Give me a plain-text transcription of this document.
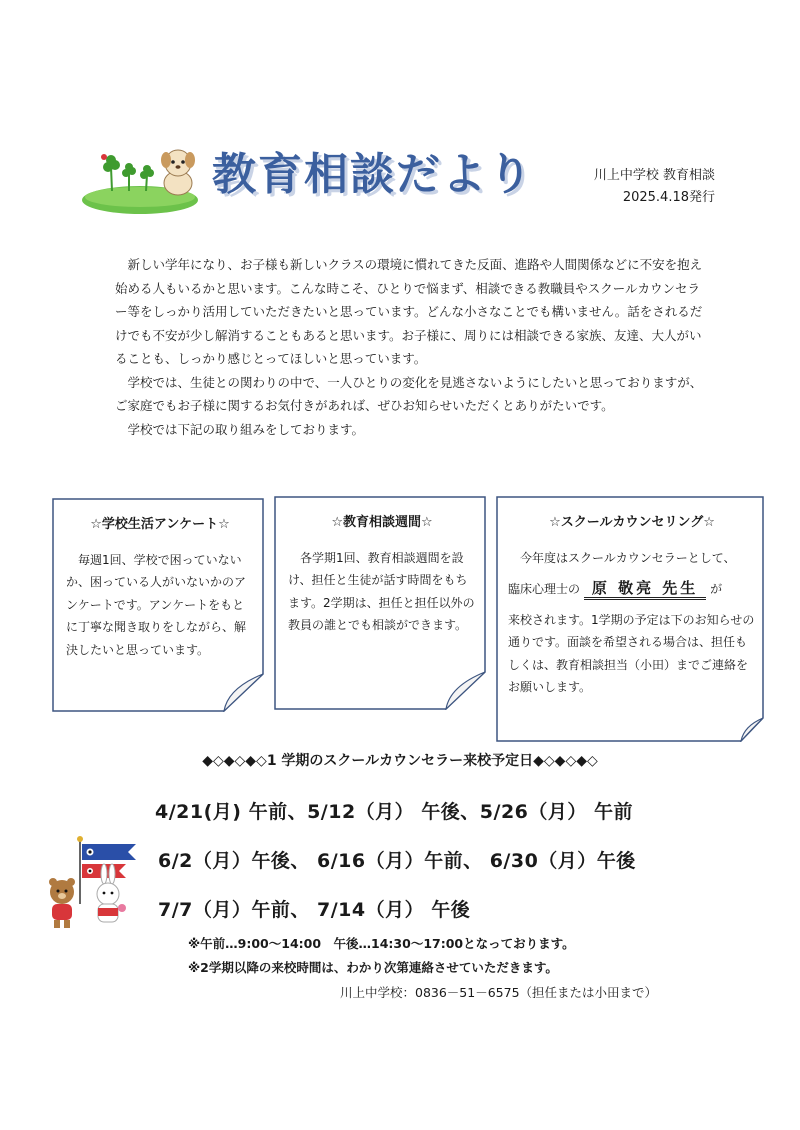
教育相談だより	川上中学校 教育相談
2025.4.18発行

新しい学年になり、お子様も新しいクラスの環境に慣れてきた反面、進路や人間関係などに不安を抱え始める人もいるかと思います。こんな時こそ、ひとりで悩まず、相談できる教職員やスクールカウンセラー等をしっかり活用していただきたいと思っています。どんな小さなことでも構いません。話をされるだけでも不安が少し解消することもあると思います。お子様に、周りには相談できる家族、友達、大人がいることも、しっかり感じとってほしいと思っています。

学校では、生徒との関わりの中で、一人ひとりの変化を見逃さないようにしたいと思っておりますが、ご家庭でもお子様に関するお気付きがあれば、ぜひお知らせいただくとありがたいです。

学校では下記の取り組みをしております。

☆学校生活アンケート☆

毎週1回、学校で困っていないか、困っている人がいないかのアンケートです。アンケートをもとに丁寧な聞き取りをしながら、解決したいと思っています。

☆教育相談週間☆

各学期1回、教育相談週間を設け、担任と生徒が話す時間をもちます。2学期は、担任と担任以外の教員の誰とでも相談ができます。

☆スクールカウンセリング☆

今年度はスクールカウンセラーとして、

臨床心理士の 原 敬亮 先生 が

来校されます。1学期の予定は下のお知らせの通りです。面談を希望される場合は、担任もしくは、教育相談担当（小田）までご連絡をお願いします。

◆◇◆◇◆◇1 学期のスクールカウンセラー来校予定日◆◇◆◇◆◇
4/21(月) 午前、5/12（月） 午後、5/26（月） 午前
6/2（月）午後、 6/16（月）午前、 6/30（月）午後
7/7（月）午前、 7/14（月） 午後
※午前…9:00～14:00　午後…14:30～17:00となっております。
※2学期以降の来校時間は、わかり次第連絡させていただきます。
川上中学校：0836－51－6575（担任または小田まで）
